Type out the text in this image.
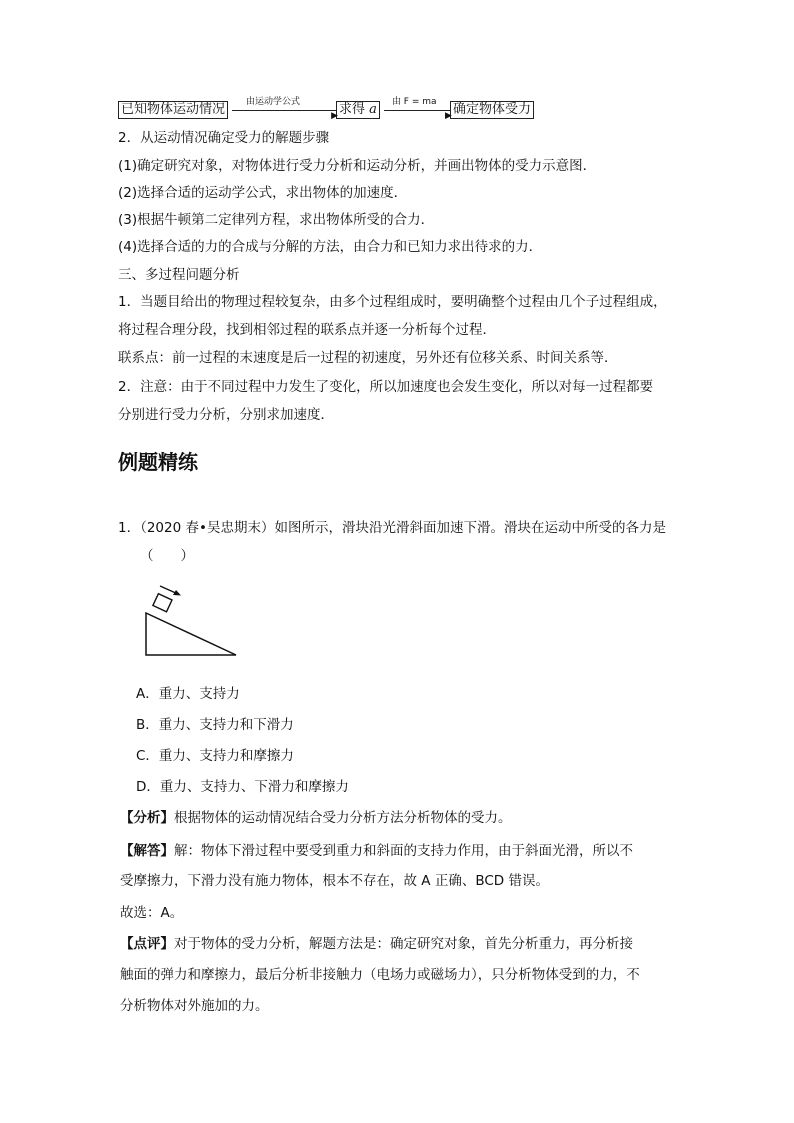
已知物体运动情况 由运动学公式
▶ 求得 a 由 F = ma
▶ 确定物体受力
2．从运动情况确定受力的解题步骤
(1)确定研究对象，对物体进行受力分析和运动分析，并画出物体的受力示意图．
(2)选择合适的运动学公式，求出物体的加速度．
(3)根据牛顿第二定律列方程，求出物体所受的合力．
(4)选择合适的力的合成与分解的方法，由合力和已知力求出待求的力．
三、多过程问题分析
1．当题目给出的物理过程较复杂，由多个过程组成时，要明确整个过程由几个子过程组成，
将过程合理分段，找到相邻过程的联系点并逐一分析每个过程．
联系点：前一过程的末速度是后一过程的初速度，另外还有位移关系、时间关系等．
2．注意：由于不同过程中力发生了变化，所以加速度也会发生变化，所以对每一过程都要
分别进行受力分析，分别求加速度．
例题精练
1．（2020 春•吴忠期末）如图所示，滑块沿光滑斜面加速下滑。滑块在运动中所受的各力是
（　　）
A．重力、支持力
B．重力、支持力和下滑力
C．重力、支持力和摩擦力
D．重力、支持力、下滑力和摩擦力
【分析】根据物体的运动情况结合受力分析方法分析物体的受力。
【解答】解：物体下滑过程中要受到重力和斜面的支持力作用，由于斜面光滑，所以不
受摩擦力，下滑力没有施力物体，根本不存在，故 A 正确、BCD 错误。
故选：A。
【点评】对于物体的受力分析，解题方法是：确定研究对象，首先分析重力，再分析接
触面的弹力和摩擦力，最后分析非接触力（电场力或磁场力），只分析物体受到的力，不
分析物体对外施加的力。
